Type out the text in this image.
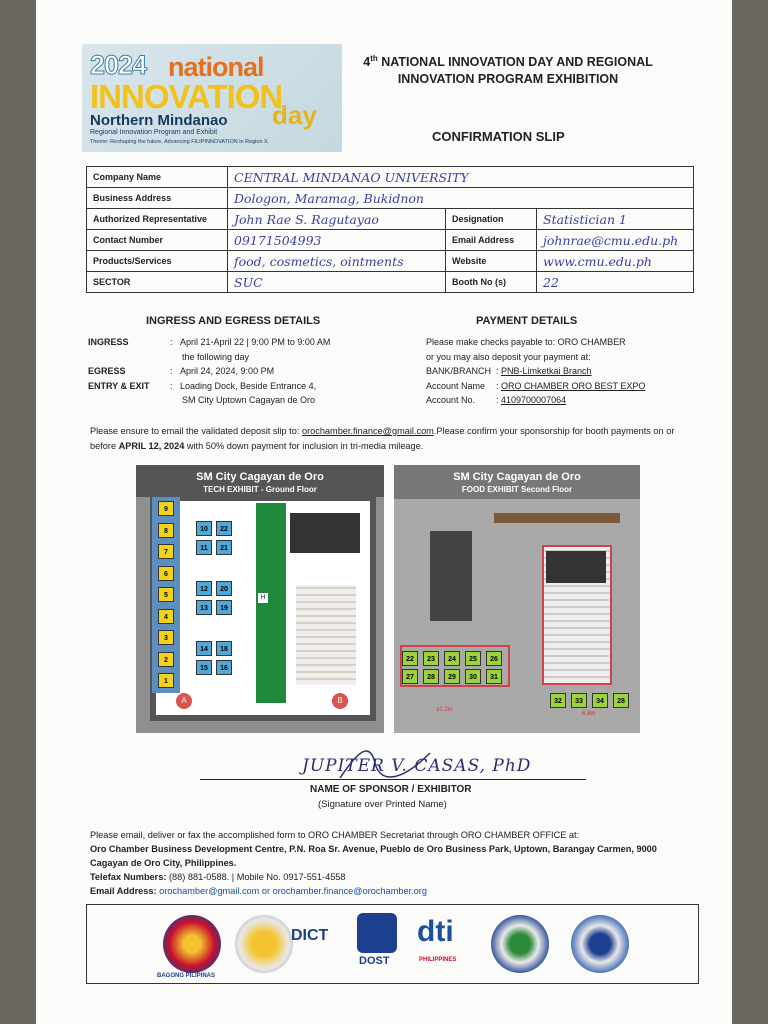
2024 national
INNOVATION
day
Northern Mindanao
Regional Innovation Program and Exhibit
Theme: Reshaping the future, Advancing FILIPINNOVATION in Region X.
4th NATIONAL INNOVATION DAY AND REGIONAL
INNOVATION PROGRAM EXHIBITION
CONFIRMATION SLIP
Company Name	CENTRAL MINDANAO UNIVERSITY		
Business Address	Dologon, Maramag, Bukidnon		
Authorized Representative	John Rae S. Ragutayao	Designation	Statistician 1
Contact Number	09171504993	Email Address	johnrae@cmu.edu.ph
Products/Services	food, cosmetics, ointments	Website	www.cmu.edu.ph
SECTOR	SUC	Booth No (s)	22
INGRESS AND EGRESS DETAILS
INGRESS	:   April 21-April 22 | 9:00 PM to 9:00 AM
the following day
EGRESS	:   April 24, 2024, 9:00 PM
ENTRY & EXIT :   Loading Dock, Beside Entrance 4,
SM City Uptown Cagayan de Oro
PAYMENT DETAILS
Please make checks payable to: ORO CHAMBER
or you may also deposit your payment at:
BANK/BRANCH : PNB-Limketkai Branch
Account Name : ORO CHAMBER ORO BEST EXPO
Account No. : 4109700007064
Please ensure to email the validated deposit slip to: orochamber.finance@gmail.com.Please confirm your sponsorship for booth payments on or before APRIL 12, 2024 with 50% down payment for inclusion in tri-media mileage.
SM City Cagayan de Oro
TECH EXHIBIT - Ground Floor
H
A	B
9
8
7
6
5
4
3
2
1
10	22
11	21
12	20
13	19
14	18
15	16
SM City Cagayan de Oro
FOOD EXHIBIT Second Floor
10.2m
6.8m
22	23	24	25	26
27	28	29	30	31
32	33	34	28
JUPITER V. CASAS, PhD
NAME OF SPONSOR / EXHIBITOR
(Signature over Printed Name)
Please email, deliver or fax the accomplished form to ORO CHAMBER Secretariat through ORO CHAMBER OFFICE at:
Oro Chamber Business Development Centre, P.N. Roa Sr. Avenue, Pueblo de Oro Business Park, Uptown, Barangay Carmen, 9000 Cagayan de Oro City, Philippines.
Telefax Numbers: (88) 881-0588. | Mobile No. 0917-551-4558
Email Address: orochamber@gmail.com or orochamber.finance@orochamber.org
BAGONG PILIPINAS
DICT
DOST
dti
PHILIPPINES
